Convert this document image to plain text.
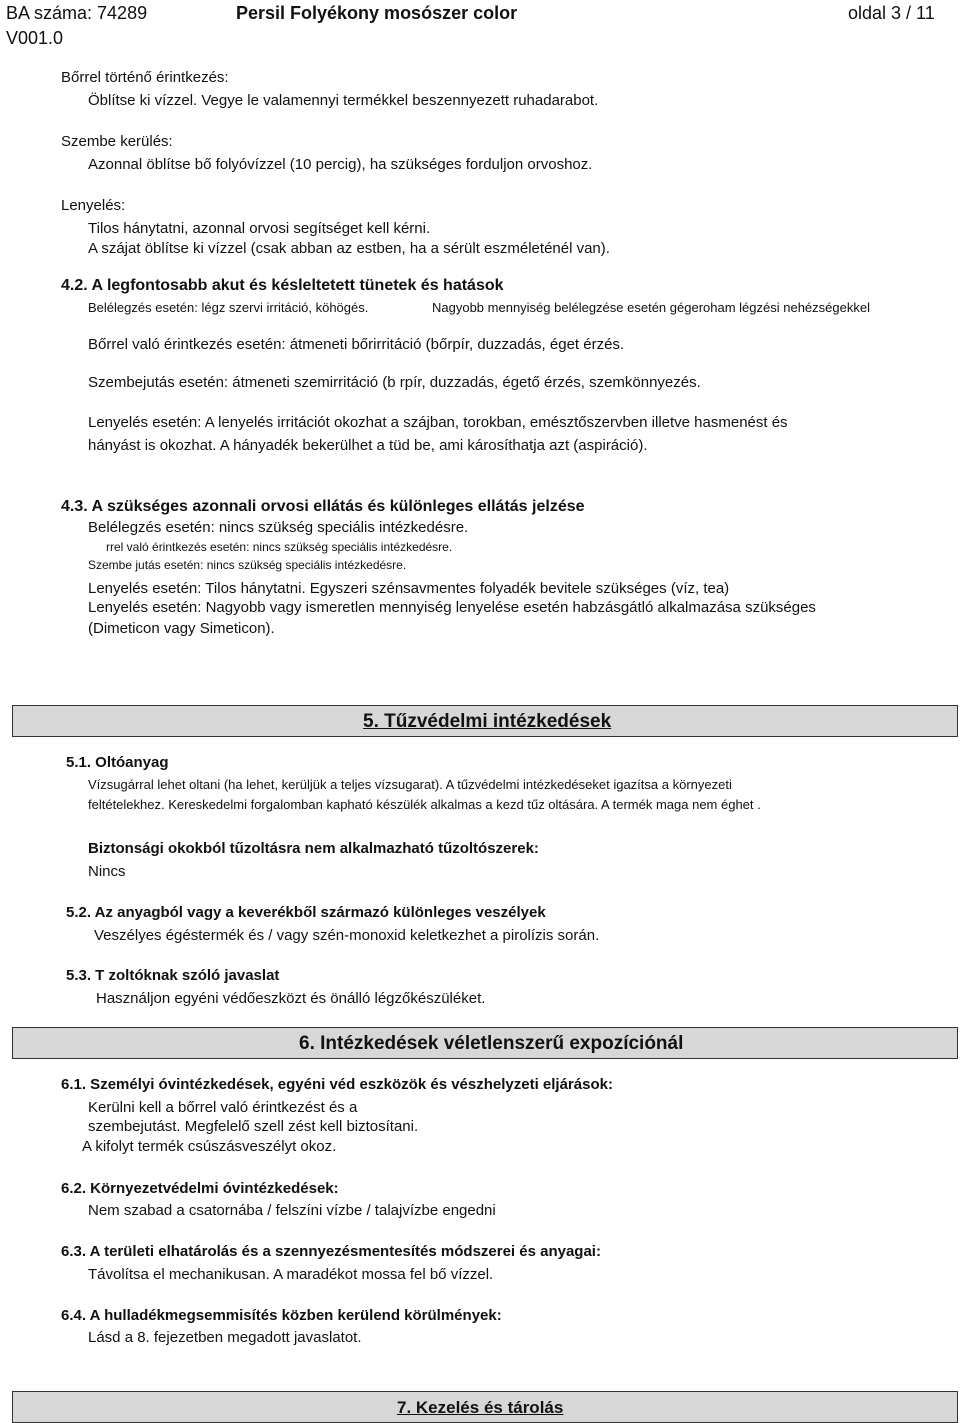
BA száma: 74289	Persil Folyékony mosószer color	oldal 3 / 11
V001.0
Bőrrel történő érintkezés:
Öblítse ki vízzel. Vegye le valamennyi termékkel beszennyezett ruhadarabot.
Szembe kerülés:
Azonnal öblítse bő folyóvízzel (10 percig), ha szükséges forduljon orvoshoz.
Lenyelés:
Tilos hánytatni, azonnal orvosi segítséget kell kérni.
A szájat öblítse ki vízzel (csak abban az estben, ha a sérült eszméleténél van).
4.2. A legfontosabb akut és késleltetett tünetek és hatások
Belélegzés esetén: légz szervi irritáció, köhögés.	Nagyobb mennyiség belélegzése esetén gégeroham légzési nehézségekkel
Bőrrel való érintkezés esetén: átmeneti bőrirritáció (bőrpír, duzzadás, éget érzés.
Szembejutás esetén: átmeneti szemirritáció (b rpír, duzzadás, égető érzés, szemkönnyezés.
Lenyelés esetén: A lenyelés irritációt okozhat a szájban, torokban, emésztőszervben illetve hasmenést és
hányást is okozhat. A hányadék bekerülhet a tüd be, ami károsíthatja azt (aspiráció).
4.3. A szükséges azonnali orvosi ellátás és különleges ellátás jelzése
Belélegzés esetén: nincs szükség speciális intézkedésre.
rrel való érintkezés esetén: nincs szükség speciális intézkedésre.
Szembe jutás esetén: nincs szükség speciális intézkedésre.
Lenyelés esetén: Tilos hánytatni. Egyszeri szénsavmentes folyadék bevitele szükséges (víz, tea)
Lenyelés esetén: Nagyobb vagy ismeretlen mennyiség lenyelése esetén habzásgátló alkalmazása szükséges
(Dimeticon vagy Simeticon).
5. Tűzvédelmi intézkedések
5.1. Oltóanyag
Vízsugárral lehet oltani (ha lehet, kerüljük a teljes vízsugarat). A tűzvédelmi intézkedéseket igazítsa a környezeti
feltételekhez. Kereskedelmi forgalomban kapható készülék alkalmas a kezd tűz oltására. A termék maga nem éghet .
Biztonsági okokból tűzoltásra nem alkalmazható tűzoltószerek:
Nincs
5.2. Az anyagból vagy a keverékből származó különleges veszélyek
Veszélyes égéstermék és / vagy szén-monoxid keletkezhet a pirolízis során.
5.3. T zoltóknak szóló javaslat
Használjon egyéni védőeszközt és önálló légzőkészüléket.
6. Intézkedések véletlenszerű expozíciónál
6.1. Személyi óvintézkedések, egyéni véd eszközök és vészhelyzeti eljárások:
Kerülni kell a bőrrel való érintkezést és a
szembejutást. Megfelelő szell zést kell biztosítani.
A kifolyt termék csúszásveszélyt okoz.
6.2. Környezetvédelmi óvintézkedések:
Nem szabad a csatornába / felszíni vízbe / talajvízbe engedni
6.3. A területi elhatárolás és a szennyezésmentesítés módszerei és anyagai:
Távolítsa el mechanikusan. A maradékot mossa fel bő vízzel.
6.4. A hulladékmegsemmisítés közben kerülend körülmények:
Lásd a 8. fejezetben megadott javaslatot.
7. Kezelés és tárolás
